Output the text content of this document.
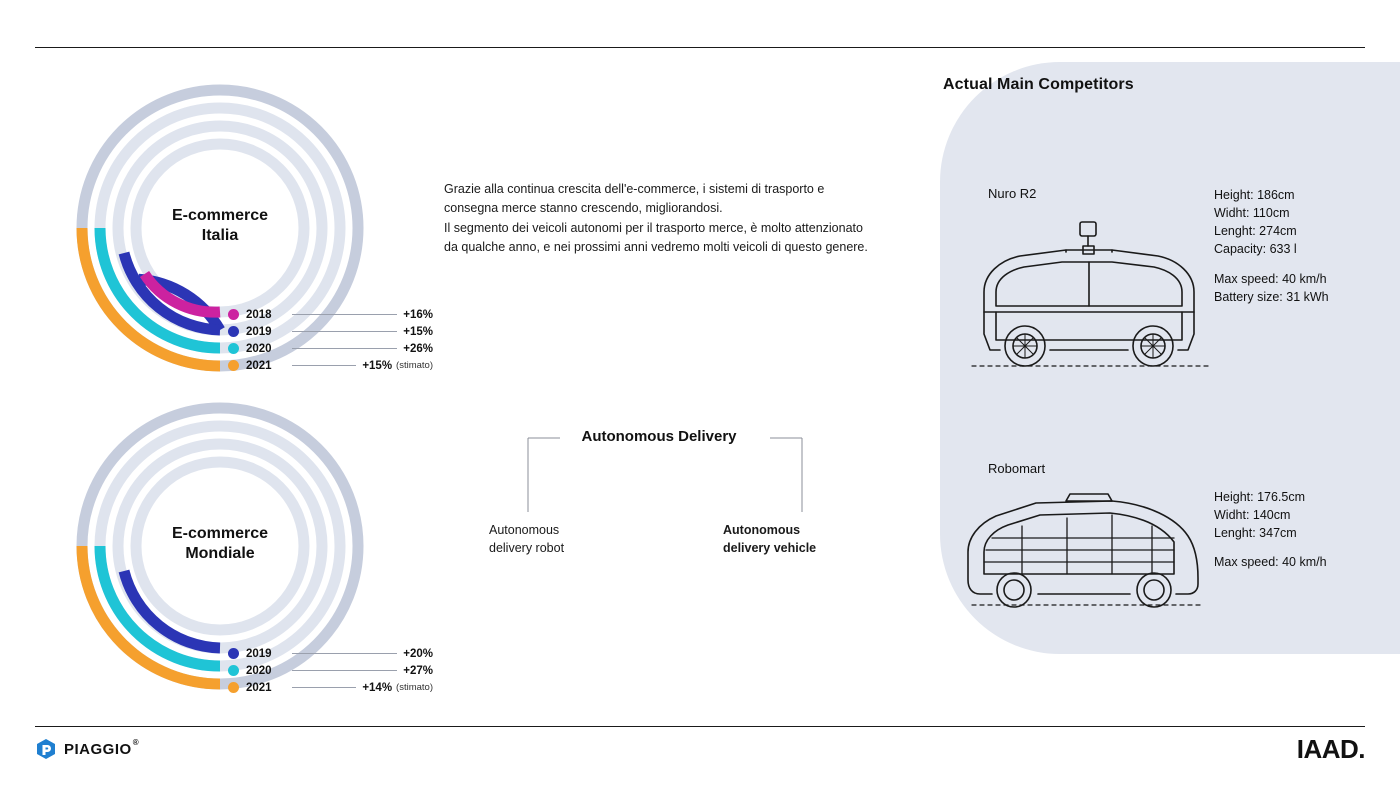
Actual Main Competitors
E-commerce
Italia
2018	+16%
2019	+15%
2020	+26%
2021	+15% (stimato)
E-commerce
Mondiale
2019	+20%
2020	+27%
2021	+14% (stimato)

Grazie alla continua crescita dell'e-commerce, i sistemi di trasporto e consegna merce stanno crescendo, migliorandosi.

Il segmento dei veicoli autonomi per il trasporto merce, è molto attenzionato da qualche anno, e nei prossimi anni vedremo molti veicoli di questo genere.

Autonomous Delivery
Autonomous
delivery robot
Autonomous
delivery vehicle
Nuro R2	Height: 186cm
Widht: 110cm
Lenght: 274cm
Capacity: 633 l
Max speed: 40 km/h
Battery size: 31 kWh
Robomart
Height: 176.5cm
Widht: 140cm
Lenght: 347cm
Max speed: 40 km/h
PIAGGIO ®	IAAD.
